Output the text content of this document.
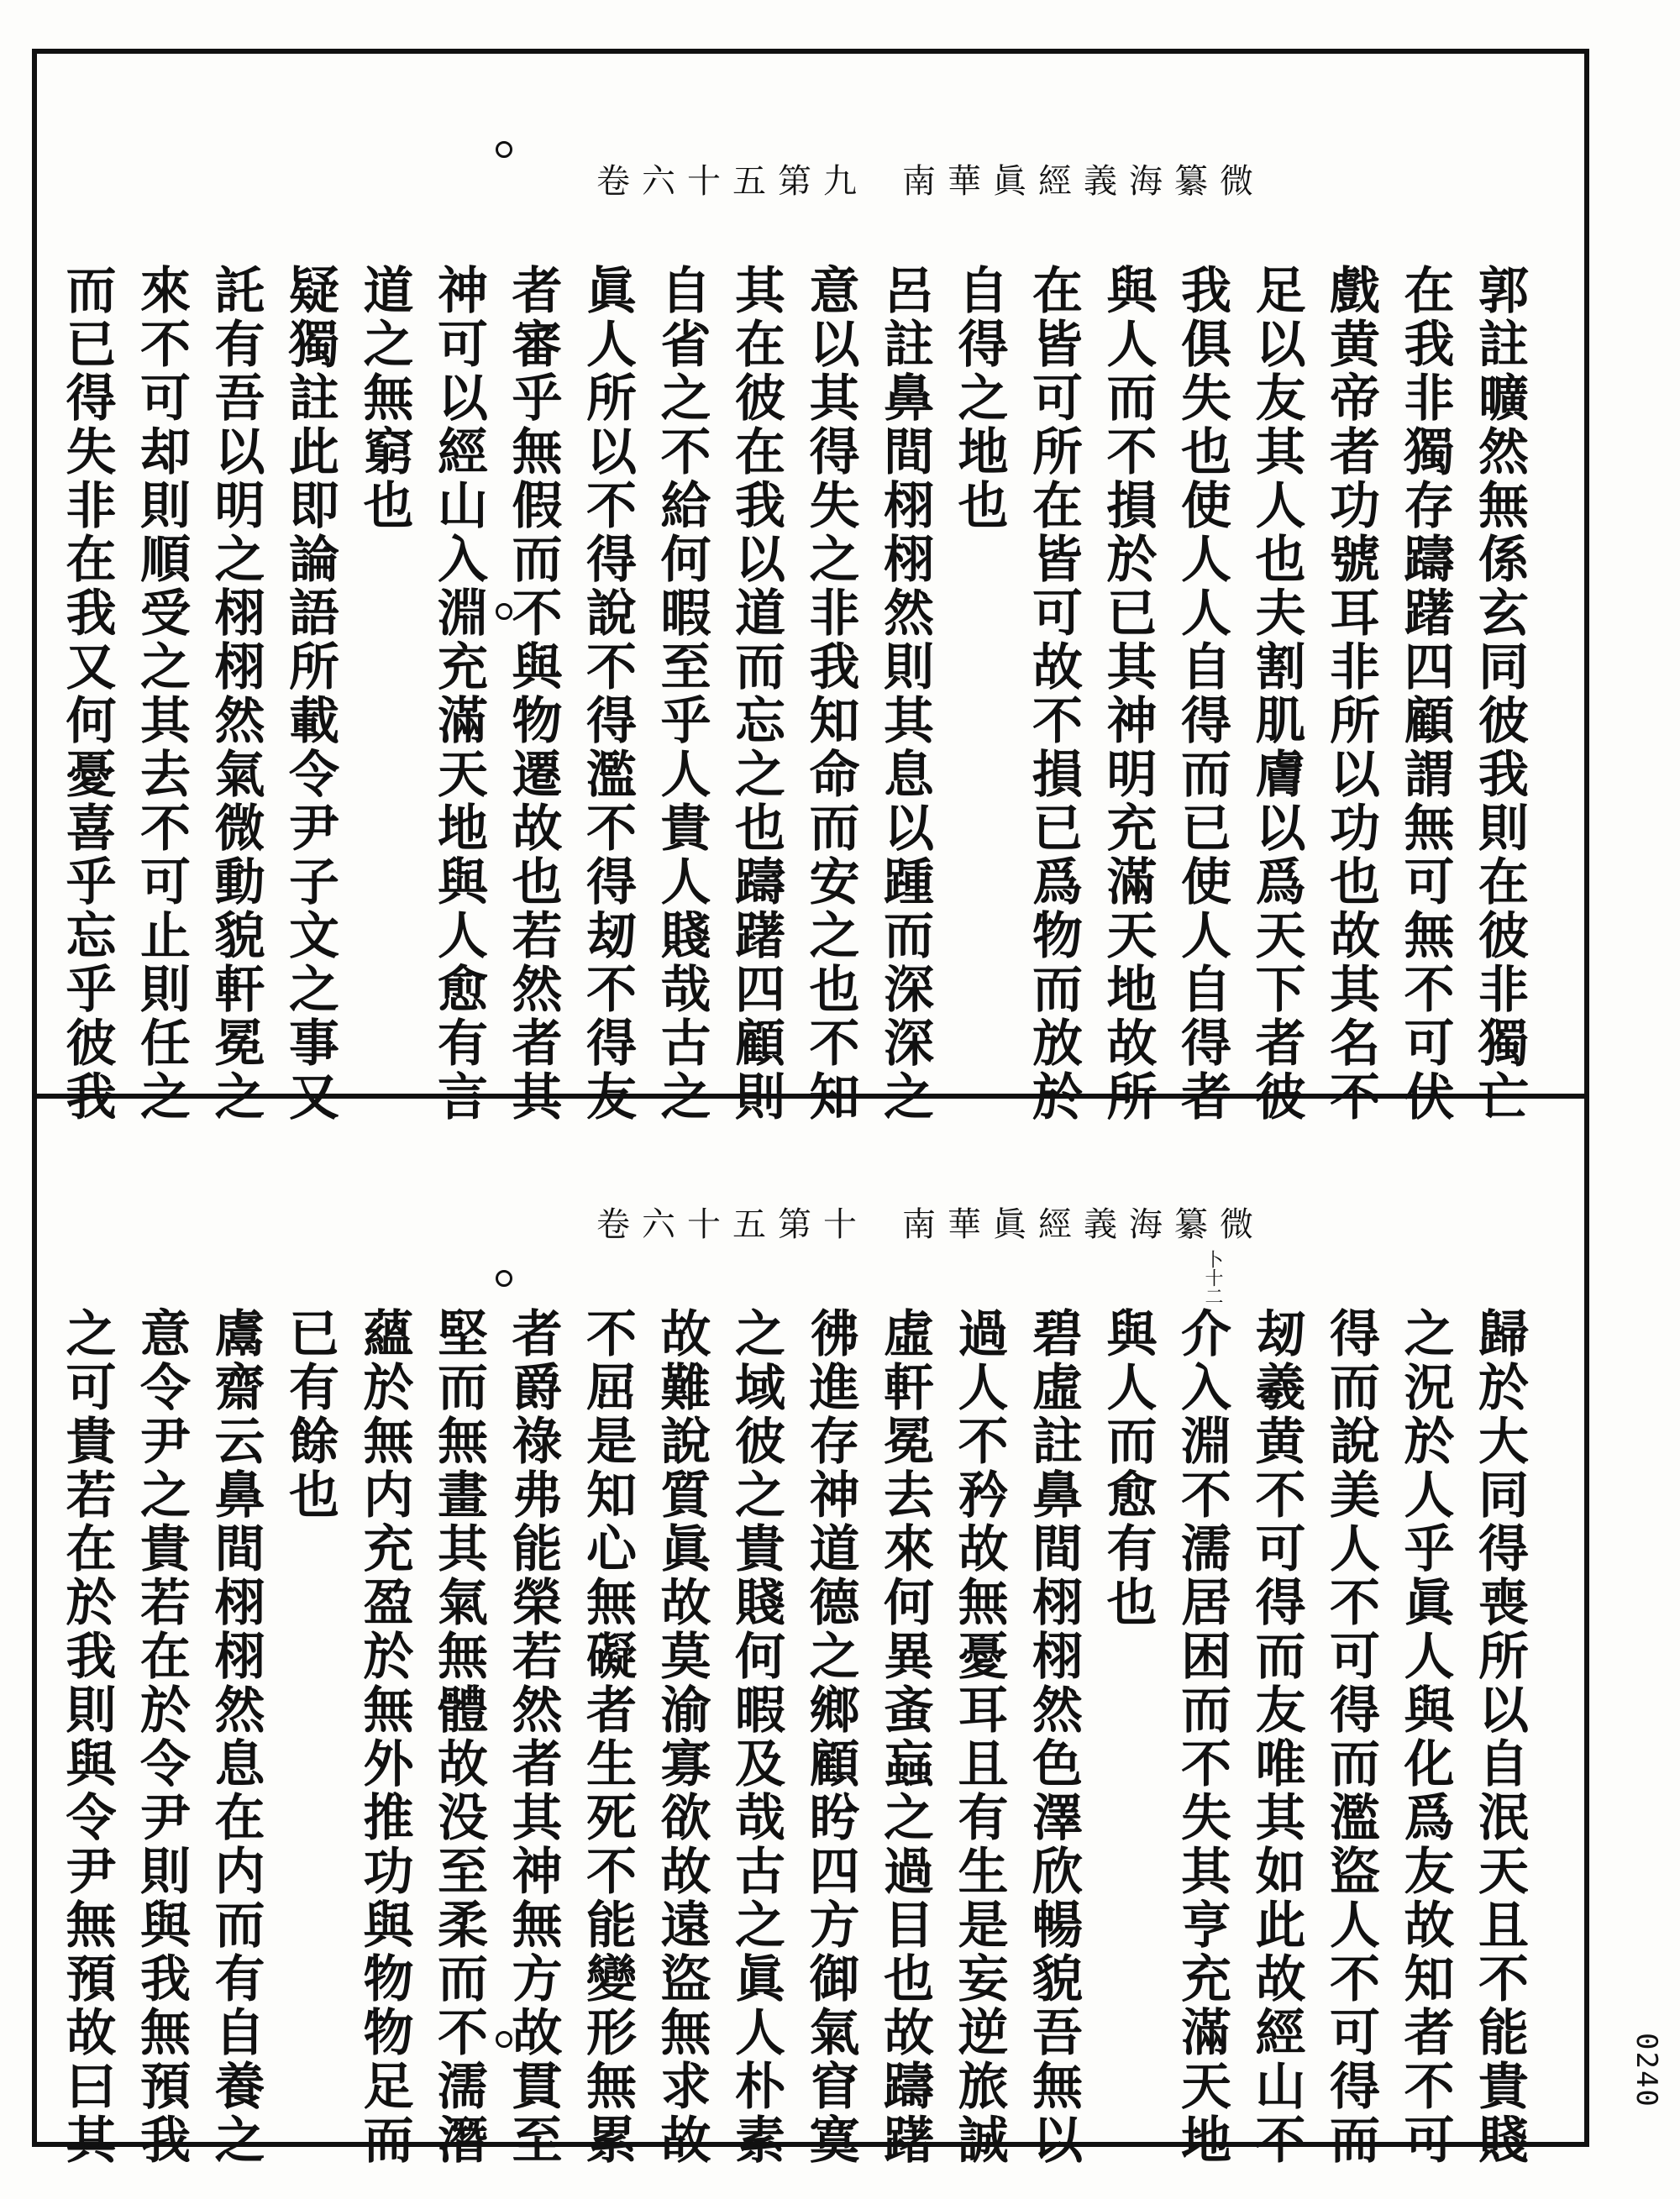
卷六十五第九 南華眞經義海纂微
郭註曠然無係玄同彼我則在彼非獨亡
在我非獨存躊躇四顧謂無可無不可伏
戲黄帝者功號耳非所以功也故其名不
足以友其人也夫割肌膚以爲天下者彼
我俱失也使人人自得而已使人自得者
與人而不損於已其神明充滿天地故所
在皆可所在皆可故不損已爲物而放於
自得之地也
呂註鼻間栩栩然則其息以踵而深深之
意以其得失之非我知命而安之也不知
其在彼在我以道而忘之也躊躇四顧則
自省之不給何暇至乎人貴人賤哉古之
眞人所以不得說不得濫不得刼不得友
者審乎無假而不與物遷故也若然者其
神可以經山入淵充滿天地與人愈有言
道之無窮也
疑獨註此即論語所載令尹子文之事又
託有吾以明之栩栩然氣微動貌軒冕之
來不可却則順受之其去不可止則任之
而已得失非在我又何憂喜乎忘乎彼我
卷六十五第十 南華眞經義海纂微
卜十二
歸於大同得喪所以自泯天且不能貴賤
之況於人乎眞人與化爲友故知者不可
得而說美人不可得而濫盜人不可得而
刼羲黄不可得而友唯其如此故經山不
介入淵不濡居困而不失其亨充滿天地
與人而愈有也
碧虛註鼻間栩栩然色澤欣暢貌吾無以
過人不矜故無憂耳且有生是妄逆旅誠
虛軒冕去來何異蚉蝱之過目也故躊躇
彿進存神道德之鄉顧盻四方御氣窅寞
之域彼之貴賤何暇及哉古之眞人朴素
故難說質眞故莫渝寡欲故遠盜無求故
不屈是知心無礙者生死不能變形無累
者爵祿弗能榮若然者其神無方故貫至
堅而無畫其氣無體故没至柔而不濡潛
蘊於無内充盈於無外推功與物物足而
已有餘也
鬳齋云鼻間栩栩然息在内而有自養之
意令尹之貴若在於令尹則與我無預我
之可貴若在於我則與令尹無預故曰其	0240
